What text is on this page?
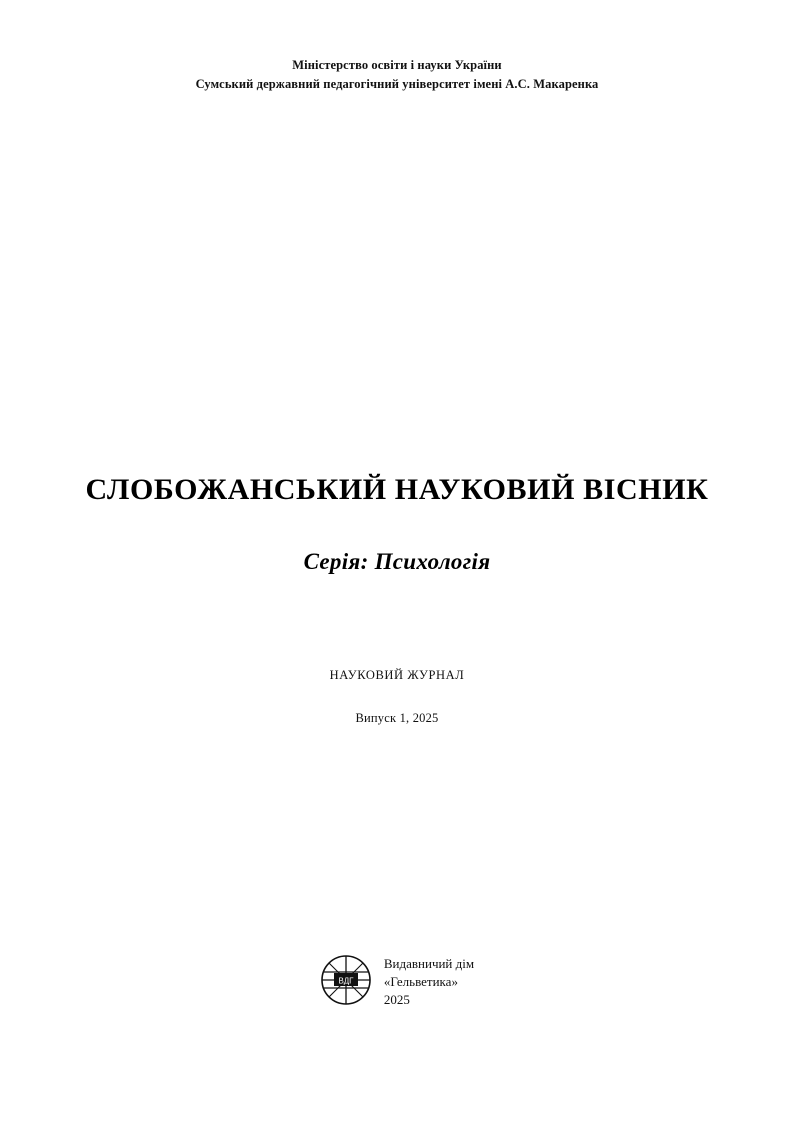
Міністерство освіти і науки України
Сумський державний педагогічний університет імені А.С. Макаренка
СЛОБОЖАНСЬКИЙ НАУКОВИЙ ВІСНИК
Серія: Психологія
НАУКОВИЙ ЖУРНАЛ
Випуск 1, 2025
ВДГ
Видавничий дім
«Гельветика»
2025
